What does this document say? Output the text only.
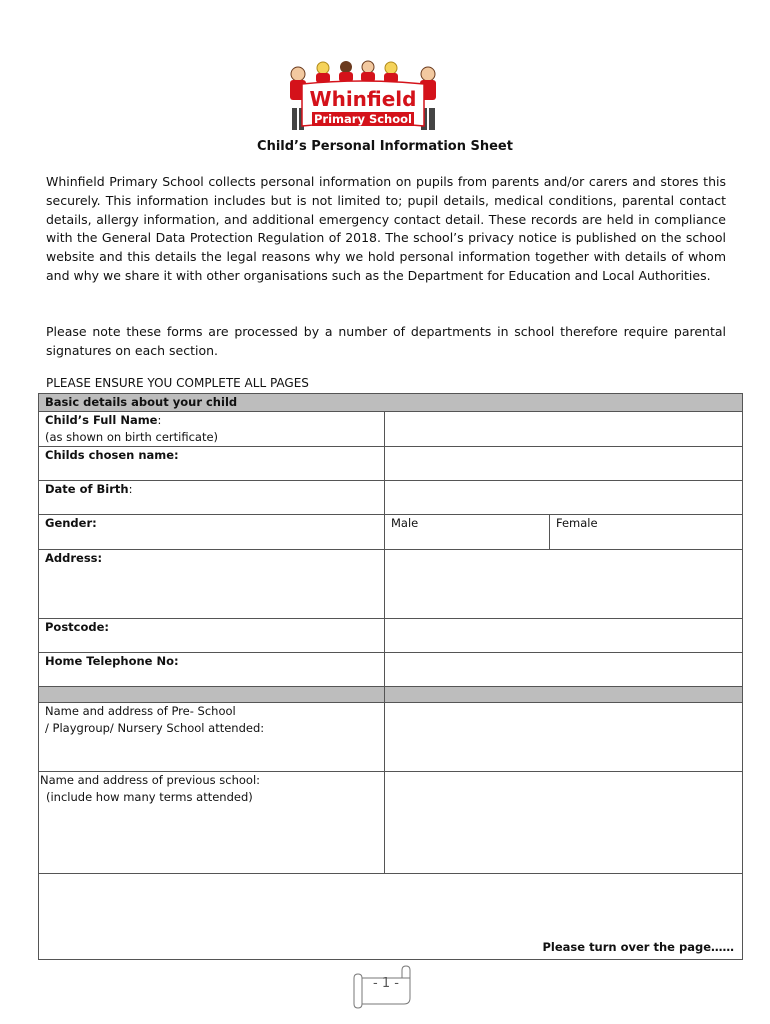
Whinfield
Primary School
Child’s Personal Information Sheet
Whinfield Primary School collects personal information on pupils from parents and/or carers and stores this securely. This information includes but is not limited to; pupil details, medical conditions, parental contact details, allergy information, and additional emergency contact detail. These records are held in compliance with the General Data Protection Regulation of 2018. The school’s privacy notice is published on the school website and this details the legal reasons why we hold personal information together with details of whom and why we share it with other organisations such as the Department for Education and Local Authorities.
Please note these forms are processed by a number of departments in school therefore require parental signatures on each section.
PLEASE ENSURE YOU COMPLETE ALL PAGES
Basic details about your child		
Child’s Full Name:
(as shown on birth certificate)		
Childs chosen name:		
Date of Birth:		
Gender:	Male	Female
Address:		
Postcode:		
Home Telephone No:		

Name and address of Pre- School
/ Playgroup/ Nursery School attended:		
Name and address of previous school:
(include how many terms attended)		

Please turn over the page……		
- 1 -
